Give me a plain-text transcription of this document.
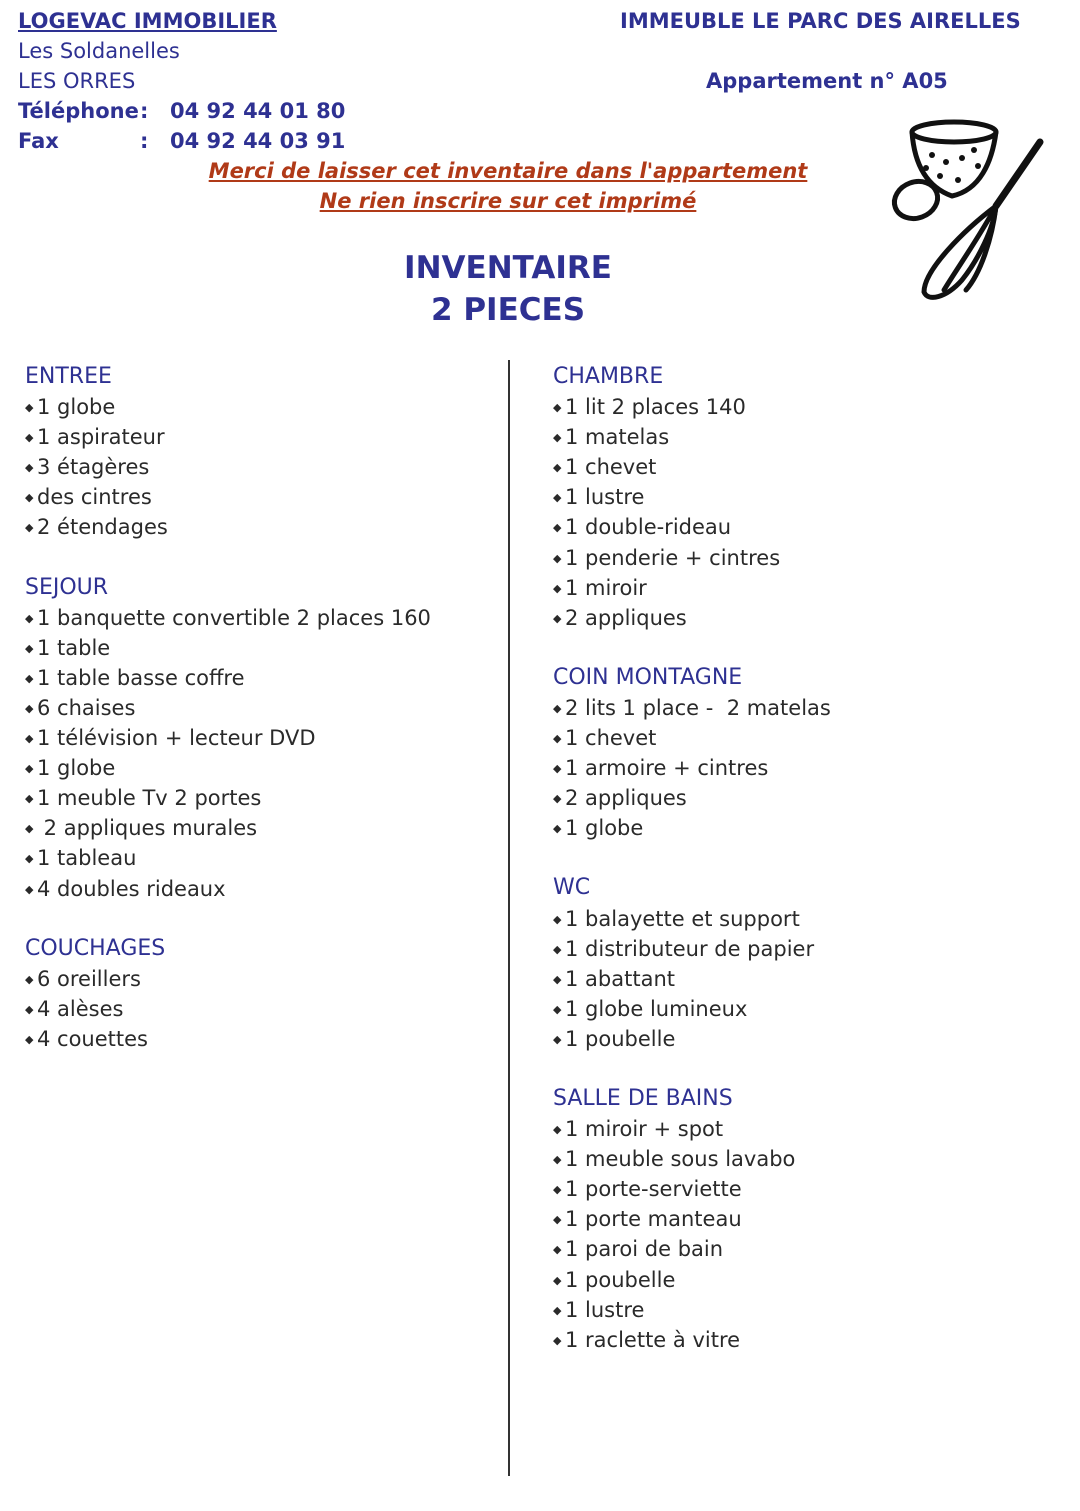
LOGEVAC IMMOBILIER
Les Soldanelles
LES ORRES
Téléphone : 04 92 44 01 80
Fax	: 04 92 44 03 91
IMMEUBLE LE PARC DES AIRELLES
Appartement n° A05
Merci de laisser cet inventaire dans l'appartement
Ne rien inscrire sur cet imprimé
INVENTAIRE
2 PIECES
ENTREE
◆ 1 globe
◆ 1 aspirateur
◆ 3 étagères
◆ des cintres
◆ 2 étendages
SEJOUR
◆ 1 banquette convertible 2 places 160
◆ 1 table
◆ 1 table basse coffre
◆ 6 chaises
◆ 1 télévision + lecteur DVD
◆ 1 globe
◆ 1 meuble Tv 2 portes
◆ 2 appliques murales
◆ 1 tableau
◆ 4 doubles rideaux
COUCHAGES
◆ 6 oreillers
◆ 4 alèses
◆ 4 couettes
CHAMBRE
◆ 1 lit 2 places 140
◆ 1 matelas
◆ 1 chevet
◆ 1 lustre
◆ 1 double-rideau
◆ 1 penderie + cintres
◆ 1 miroir
◆ 2 appliques
COIN MONTAGNE
◆ 2 lits 1 place -  2 matelas
◆ 1 chevet
◆ 1 armoire + cintres
◆ 2 appliques
◆ 1 globe
WC
◆ 1 balayette et support
◆ 1 distributeur de papier
◆ 1 abattant
◆ 1 globe lumineux
◆ 1 poubelle
SALLE DE BAINS
◆ 1 miroir + spot
◆ 1 meuble sous lavabo
◆ 1 porte-serviette
◆ 1 porte manteau
◆ 1 paroi de bain
◆ 1 poubelle
◆ 1 lustre
◆ 1 raclette à vitre
